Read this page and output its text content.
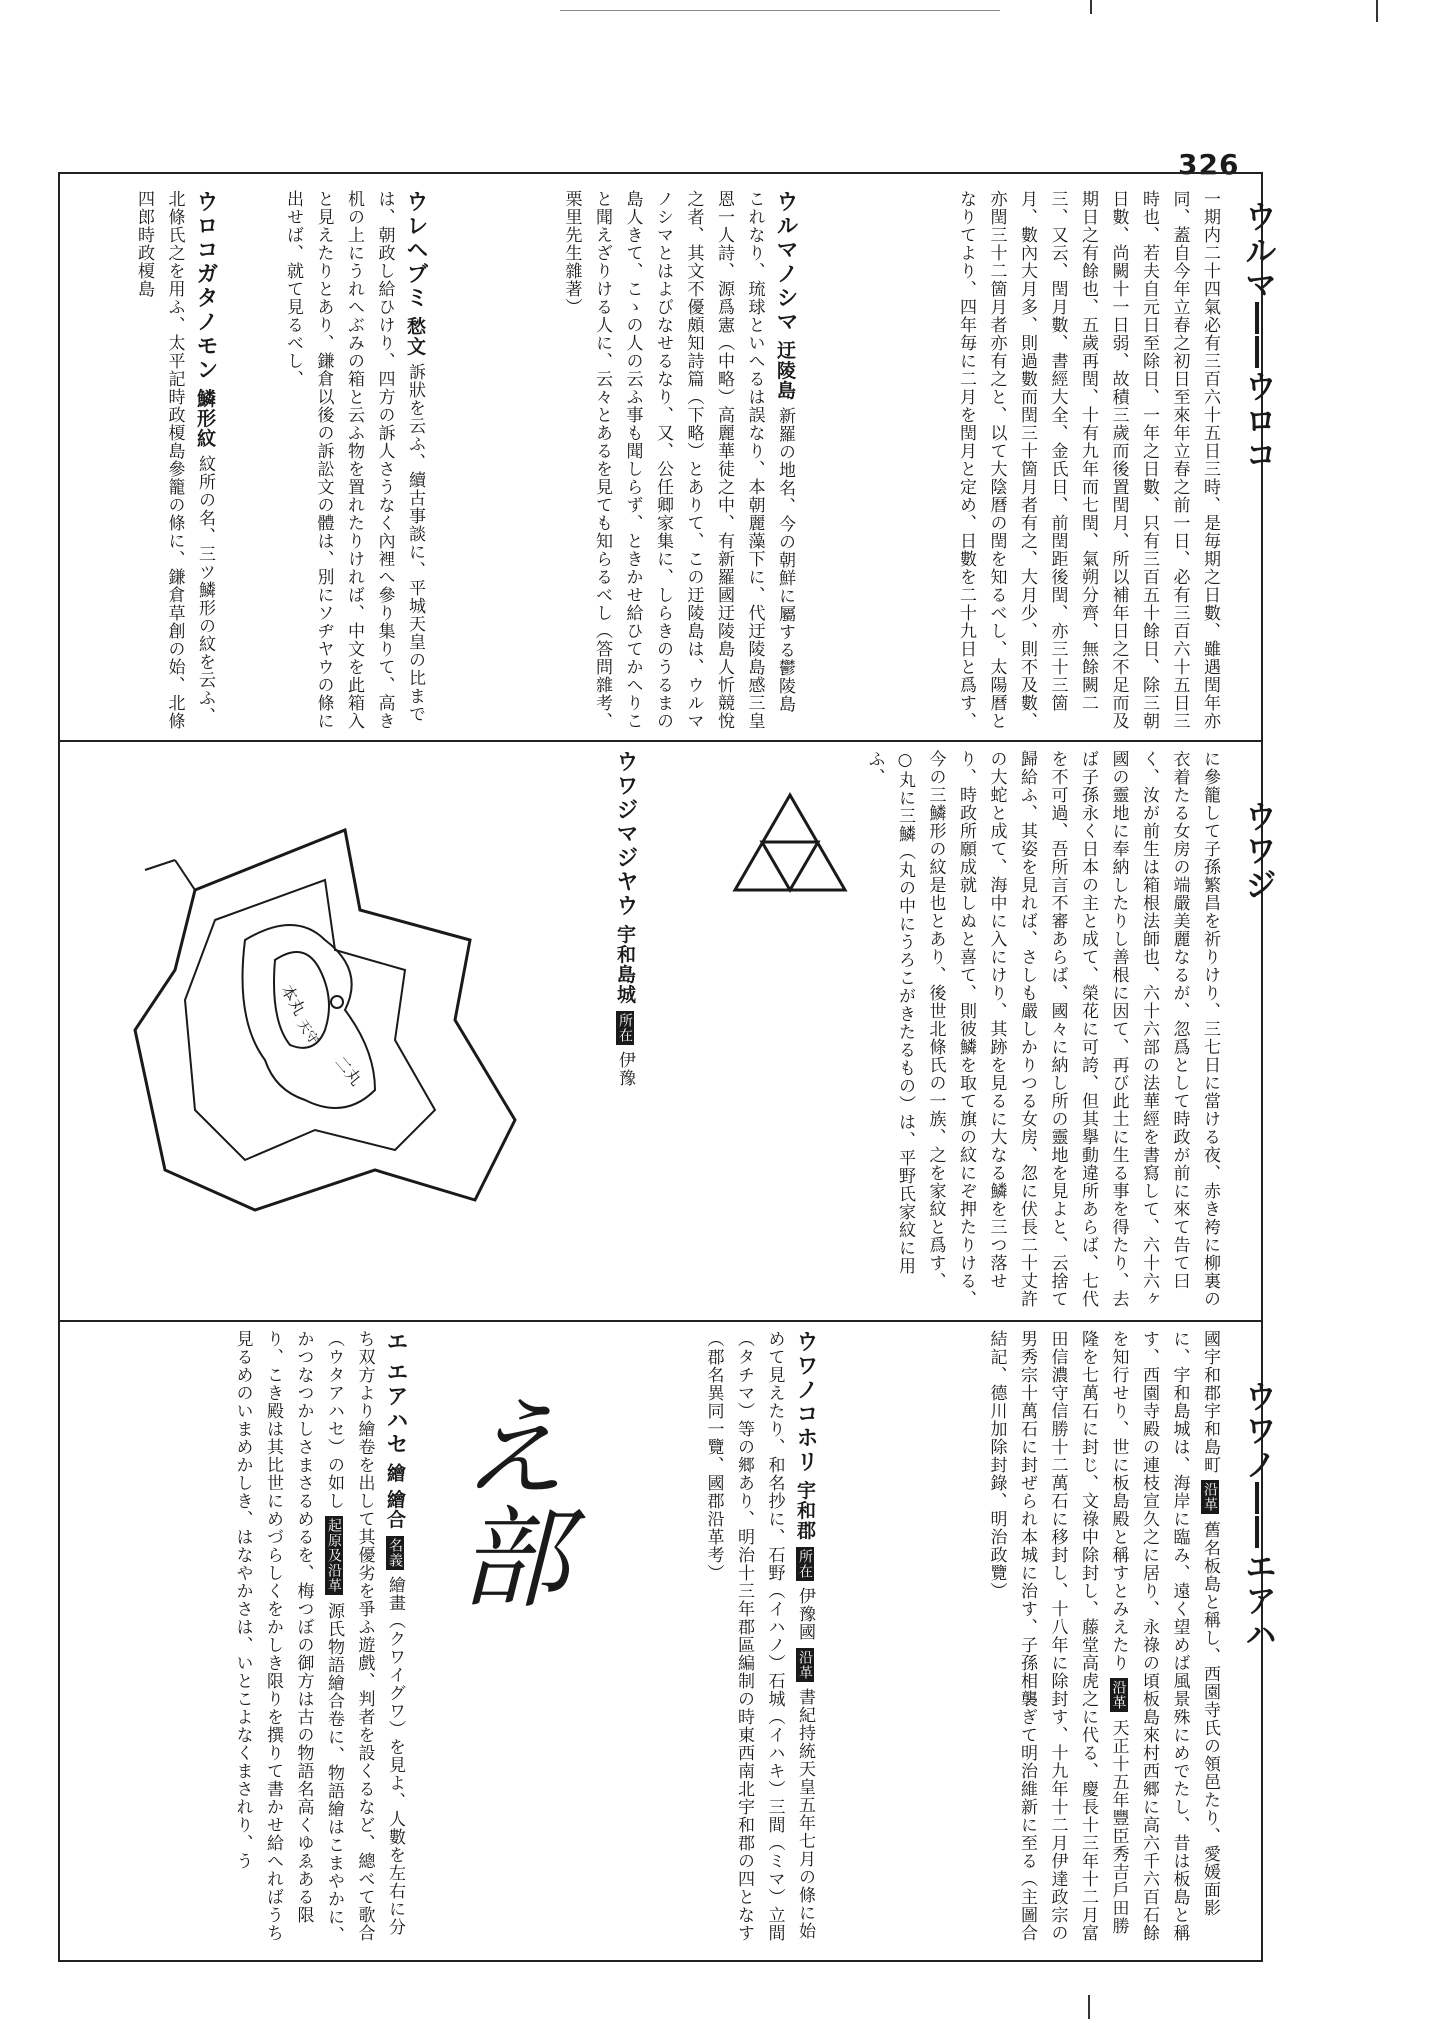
326
ウルマ――ウロコ
ウワジ
ウワノ――エアハ
一期内二十四氣必有三百六十五日三時、是毎期之日數、雖遇閏年亦同、蓋自今年立春之初日至來年立春之前一日、必有三百六十五日三時也、若夫自元日至除日、一年之日數、只有三百五十餘日、除三朝日數、尚闕十一日弱、故積三歲而後置閏月、所以補年日之不足而及期日之有餘也、五歲再閏、十有九年而七閏、氣朔分齊、無餘闕二三、又云、閏月數、書經大全、金氏日、前閏距後閏、亦三十三箇月、數內大月多、則過數而閏三十箇月者有之、大月少、則不及數、亦閏三十二箇月者亦有之と、以て大陰曆の閏を知るべし、太陽曆となりてより、四年毎に二月を閏月と定め、日數を二十九日と爲す、
ウルマノシマ 迂陵島 新羅の地名、今の朝鮮に屬する鬱陵島これなり、琉球といへるは誤なり、本朝麗藻下に、代迂陵島感三皇恩一人詩、源爲憲（中略）高麗華徒之中、有新羅國迂陵島人忻競悅之者、其文不優頗知詩篇（下略）とありて、この迂陵島は、ウルマノシマとはよびなせるなり、又、公任卿家集に、しらきのうるまの島人きて、こゝの人の云ふ事も聞しらず、ときかせ給ひてかへりこと聞えざりける人に、云々とあるを見ても知らるべし（答問雜考、栗里先生雜著）
ウレヘブミ 愁文 訴狀を云ふ、續古事談に、平城天皇の比までは、朝政し給ひけり、四方の訴人さうなく內裡へ參り集りて、高き机の上にうれへぶみの箱と云ふ物を置れたりければ、中文を此箱入と見えたりとあり、鎌倉以後の訴訟文の體は、別にソヂヤウの條に出せば、就て見るべし、
ウロコガタノモン 鱗形紋 紋所の名、三ツ鱗形の紋を云ふ、北條氏之を用ふ、太平記時政榎島參籠の條に、鎌倉草創の始、北條四郎時政榎島
に參籠して子孫繁昌を祈りけり、三七日に當ける夜、赤き袴に柳裏の衣着たる女房の端嚴美麗なるが、忽爲として時政が前に來て告て曰く、汝が前生は箱根法師也、六十六部の法華經を書寫して、六十六ヶ國の靈地に奉納したりし善根に因て、再び此土に生る事を得たり、去ば子孫永く日本の主と成て、榮花に可誇、但其擧動違所あらば、七代を不可過、吾所言不審あらば、國々に納し所の靈地を見よと、云捨て歸給ふ、其姿を見れば、さしも嚴しかりつる女房、忽に伏長二十丈許の大蛇と成て、海中に入にけり、其跡を見るに大なる鱗を三つ落せり、時政所願成就しぬと喜て、則彼鱗を取て旗の紋にぞ押たりける、今の三鱗形の紋是也とあり、後世北條氏の一族、之を家紋と爲す、○丸に三鱗（丸の中にうろこがきたるもの）は、平野氏家紋に用ふ、
ウワジマジヤウ 宇和島城 所在 伊豫
本丸
二丸
天守
國宇和郡宇和島町 沿革 舊名板島と稱し、西園寺氏の領邑たり、愛媛面影に、宇和島城は、海岸に臨み、遠く望めば風景殊にめでたし、昔は板島と稱す、西園寺殿の連枝宣久之に居り、永祿の頃板島來村西郷に高六千六百石餘を知行せり、世に板島殿と稱すとみえたり 沿革 天正十五年豐臣秀吉戶田勝隆を七萬石に封じ、文祿中除封し、藤堂高虎之に代る、慶長十三年十二月富田信濃守信勝十二萬石に移封し、十八年に除封す、十九年十二月伊達政宗の男秀宗十萬石に封ぜられ本城に治す、子孫相襲ぎて明治維新に至る（主圖合結記、德川加除封錄、明治政覽）
ウワノコホリ 宇和郡 所在 伊豫國 沿革 書紀持統天皇五年七月の條に始めて見えたり、和名抄に、石野（イハノ）石城（イハキ）三間（ミマ）立間（タチマ）等の郷あり、明治十三年郡區編制の時東西南北宇和郡の四となす（郡名異同一覽、國郡沿革考）
え部
エ エアハセ 繪 繪合 名義 繪畫（クワイグワ）を見よ、人數を左右に分ち双方より繪卷を出して其優劣を爭ふ遊戲、判者を設くるなど、總べて歌合（ウタアハセ）の如し 起原及沿革 源氏物語繪合卷に、物語繪はこまやかに、かつなつかしさまさるめるを、梅つぼの御方は古の物語名高くゆゑある限り、こき殿は其比世にめづらしくをかしき限りを撰りて書かせ給へればうち見るめのいまめかしき、はなやかさは、いとこよなくまされり、う
